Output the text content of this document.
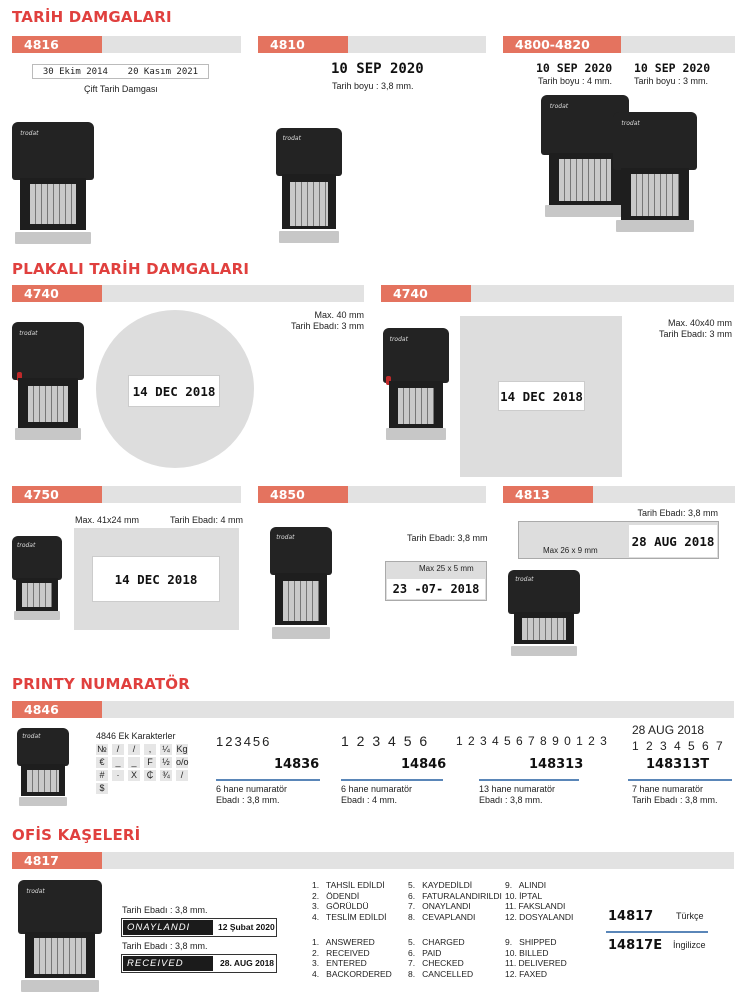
TARİH DAMGALARI
4816	4810	4800-4820
30 Ekim 2014 20 Kasım 2021
Çift Tarih Damgası
trodat
10 SEP 2020
Tarih boyu : 3,8 mm.
trodat
10 SEP 2020
Tarih boyu : 4 mm.
10 SEP 2020
Tarih boyu : 3 mm.
trodat
trodat
PLAKALI TARİH DAMGALARI
4740	4740
trodat
14 DEC 2018
Max. 40 mm
Tarih Ebadı: 3 mm
trodat
14 DEC 2018
Max. 40x40 mm
Tarih Ebadı: 3 mm
4750	4850	4813
Max. 41x24 mm	Tarih Ebadı: 4 mm
trodat
14 DEC 2018
trodat	Tarih Ebadı: 3,8 mm
Max 25 x 5 mm
23 -07- 2018
Tarih Ebadı: 3,8 mm
Max 26 x 9 mm
28 AUG 2018
trodat
PRINTY NUMARATÖR
4846
trodat	4846 Ek Karakterler
№	/	/	,	¼ Kg
€	_	_	F	½ o/o
#	·	X	₵ ¾	/
$
123456
14836
6 hane numaratör
Ebadı : 3,8 mm.
1 2 3 4 5 6
14846
6 hane numaratör
Ebadı : 4 mm.
1 2 3 4 5 6 7 8 9 0 1 2 3
148313
13 hane numaratör
Ebadı : 3,8 mm.
28 AUG 2018
1 2 3 4 5 6 7
148313T
7 hane numaratör
Tarih Ebadı : 3,8 mm.
OFİS KAŞELERİ
4817
trodat
Tarih Ebadı : 3,8 mm.
ONAYLANDI	12 Şubat 2020
Tarih Ebadı : 3,8 mm.
RECEIVED	28. AUG 2018
1.   TAHSİL EDİLDİ
2.   ÖDENDİ
3.   GÖRÜLDÜ
4.   TESLİM EDİLDİ
5.   KAYDEDİLDİ
6.   FATURALANDIRILDI
7.   ONAYLANDI
8.   CEVAPLANDI
9.   ALINDI
10. İPTAL
11. FAKSLANDI
12. DOSYALANDI
1.   ANSWERED
2.   RECEIVED
3.   ENTERED
4.   BACKORDERED
5.   CHARGED
6.   PAID
7.   CHECKED
8.   CANCELLED
9.   SHIPPED
10. BILLED
11. DELIVERED
12. FAXED
14817	Türkçe
14817E İngilizce
